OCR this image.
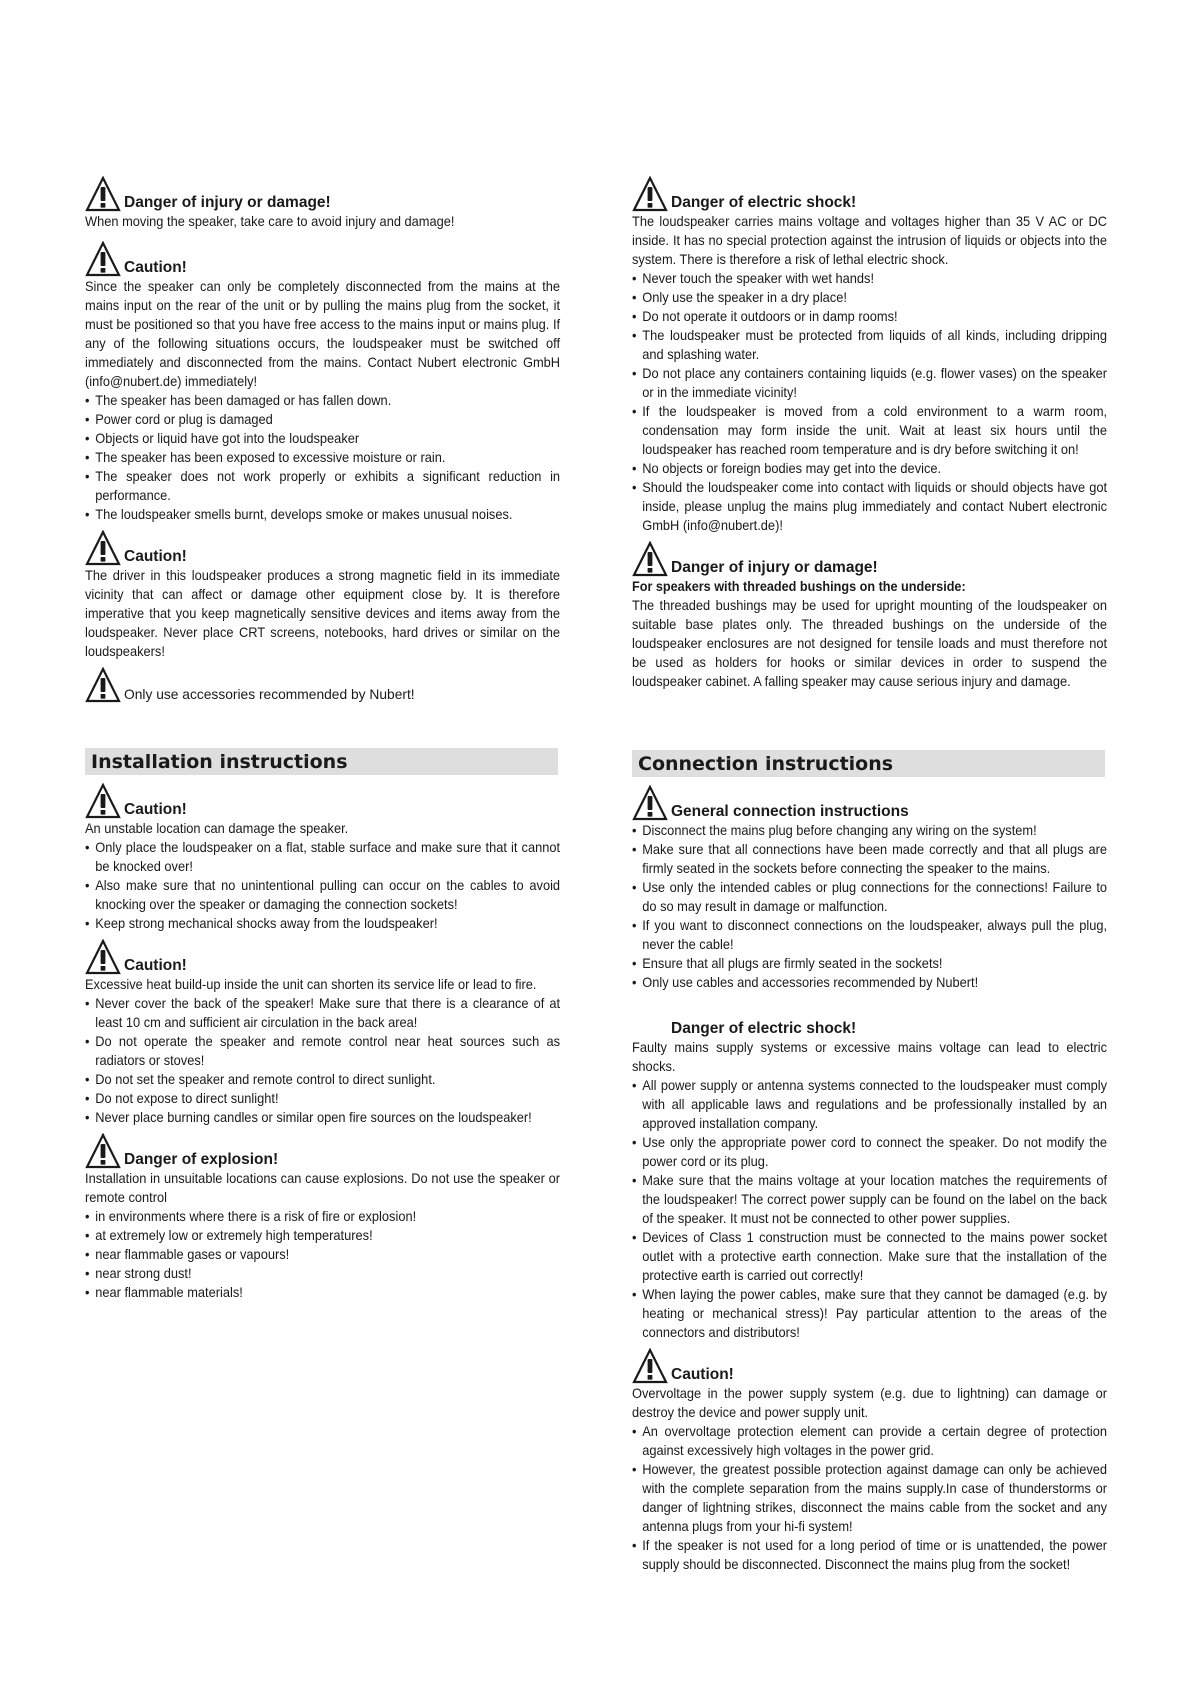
Danger of injury or damage!

When moving the speaker, take care to avoid injury and damage!

Caution!

Since the speaker can only be completely disconnected from the mains at the mains input on the rear of the unit or by pulling the mains plug from the socket, it must be positioned so that you have free access to the mains input or mains plug. If any of the following situations occurs, the loudspeaker must be switched off immediately and disconnected from the mains. Contact Nubert electronic GmbH (info@nubert.de) immediately!

• The speaker has been damaged or has fallen down.
• Power cord or plug is damaged
• Objects or liquid have got into the loudspeaker
• The speaker has been exposed to excessive moisture or rain.
• The speaker does not work properly or exhibits a significant reduction in performance.
• The loudspeaker smells burnt, develops smoke or makes unusual noises.
Caution!

The driver in this loudspeaker produces a strong magnetic field in its immediate vicinity that can affect or damage other equipment close by. It is therefore imperative that you keep magnetically sensitive devices and items away from the loudspeaker. Never place CRT screens, notebooks, hard drives or similar on the loudspeakers!

Only use accessories recommended by Nubert!
Installation instructions
Caution!

An unstable location can damage the speaker.

• Only place the loudspeaker on a flat, stable surface and make sure that it cannot be knocked over!
• Also make sure that no unintentional pulling can occur on the cables to avoid knocking over the speaker or damaging the connection sockets!
• Keep strong mechanical shocks away from the loudspeaker!
Caution!

Excessive heat build-up inside the unit can shorten its service life or lead to fire.

• Never cover the back of the speaker! Make sure that there is a clearance of at least 10 cm and sufficient air circulation in the back area!
• Do not operate the speaker and remote control near heat sources such as radiators or stoves!
• Do not set the speaker and remote control to direct sunlight.
• Do not expose to direct sunlight!
• Never place burning candles or similar open fire sources on the loudspeaker!
Danger of explosion!

Installation in unsuitable locations can cause explosions. Do not use the speaker or remote control

• in environments where there is a risk of fire or explosion!
• at extremely low or extremely high temperatures!
• near flammable gases or vapours!
• near strong dust!
• near flammable materials!
Danger of electric shock!

The loudspeaker carries mains voltage and voltages higher than 35 V AC or DC inside. It has no special protection against the intrusion of liquids or objects into the system. There is therefore a risk of lethal electric shock.

• Never touch the speaker with wet hands!
• Only use the speaker in a dry place!
• Do not operate it outdoors or in damp rooms!
• The loudspeaker must be protected from liquids of all kinds, including dripping and splashing water.
• Do not place any containers containing liquids (e.g. flower vases) on the speaker or in the immediate vicinity!
• If the loudspeaker is moved from a cold environment to a warm room, condensation may form inside the unit. Wait at least six hours until the loudspeaker has reached room temperature and is dry before switching it on!
• No objects or foreign bodies may get into the device.
• Should the loudspeaker come into contact with liquids or should objects have got inside, please unplug the mains plug immediately and contact Nubert electronic GmbH (info@nubert.de)!
Danger of injury or damage!

For speakers with threaded bushings on the underside:

The threaded bushings may be used for upright mounting of the loudspeaker on suitable base plates only. The threaded bushings on the underside of the loudspeaker enclosures are not designed for tensile loads and must therefore not be used as holders for hooks or similar devices in order to suspend the loudspeaker cabinet. A falling speaker may cause serious injury and damage.

Connection instructions
General connection instructions
• Disconnect the mains plug before changing any wiring on the system!
• Make sure that all connections have been made correctly and that all plugs are firmly seated in the sockets before connecting the speaker to the mains.
• Use only the intended cables or plug connections for the connections! Failure to do so may result in damage or malfunction.
• If you want to disconnect connections on the loudspeaker, always pull the plug, never the cable!
• Ensure that all plugs are firmly seated in the sockets!
• Only use cables and accessories recommended by Nubert!
Danger of electric shock!

Faulty mains supply systems or excessive mains voltage can lead to electric shocks.

• All power supply or antenna systems connected to the loudspeaker must comply with all applicable laws and regulations and be professionally installed by an approved installation company.
• Use only the appropriate power cord to connect the speaker. Do not modify the power cord or its plug.
• Make sure that the mains voltage at your location matches the requirements of the loudspeaker! The correct power supply can be found on the label on the back of the speaker. It must not be connected to other power supplies.
• Devices of Class 1 construction must be connected to the mains power socket outlet with a protective earth connection. Make sure that the installation of the protective earth is carried out correctly!
• When laying the power cables, make sure that they cannot be damaged (e.g. by heating or mechanical stress)! Pay particular attention to the areas of the connectors and distributors!
Caution!

Overvoltage in the power supply system (e.g. due to lightning) can damage or destroy the device and power supply unit.

• An overvoltage protection element can provide a certain degree of protection against excessively high voltages in the power grid.
• However, the greatest possible protection against damage can only be achieved with the complete separation from the mains supply.In case of thunderstorms or danger of lightning strikes, disconnect the mains cable from the socket and any antenna plugs from your hi-fi system!
• If the speaker is not used for a long period of time or is unattended, the power supply should be disconnected. Disconnect the mains plug from the socket!
